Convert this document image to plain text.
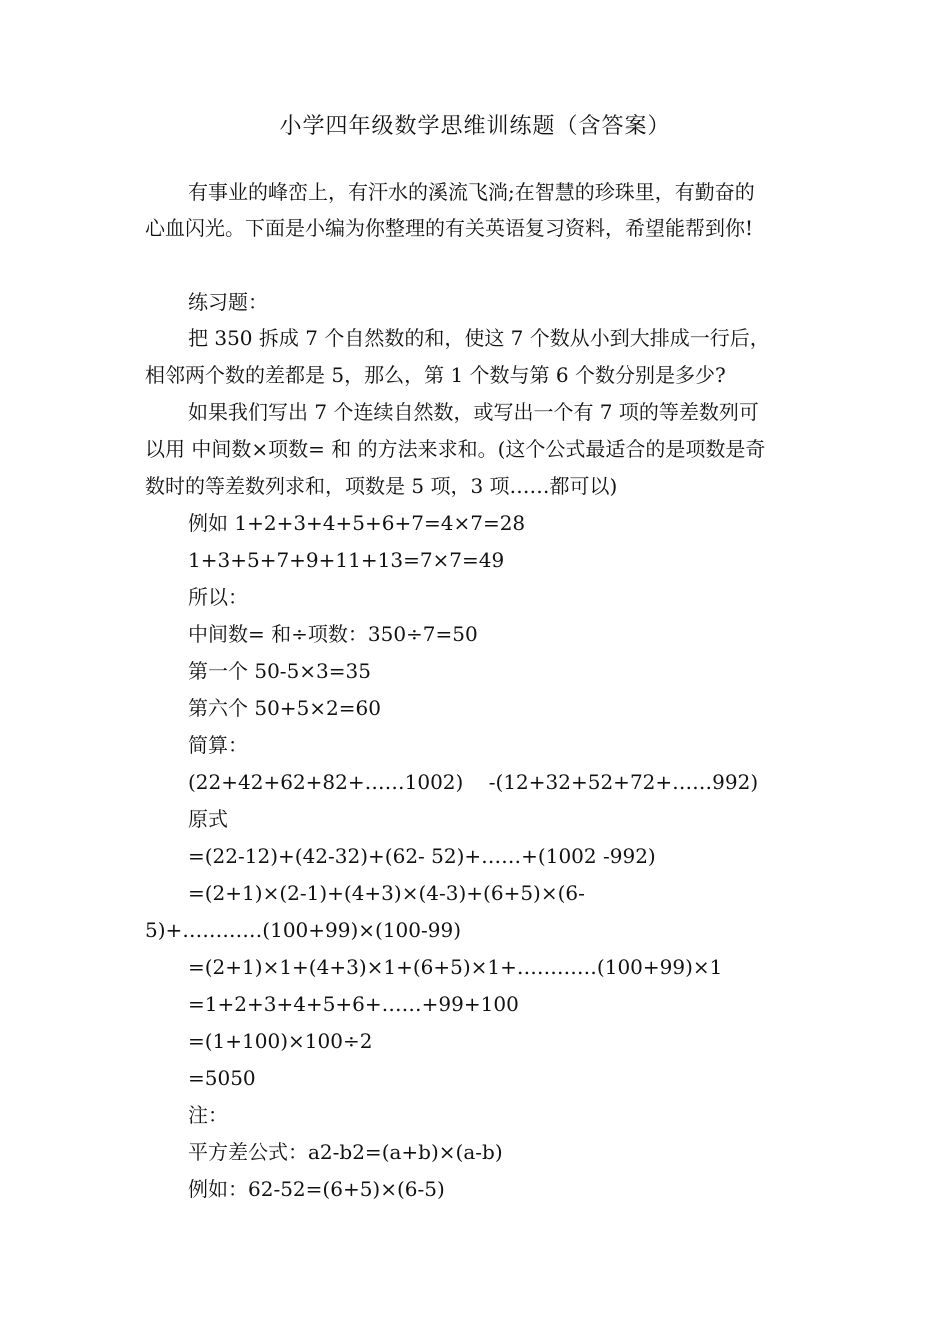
小学四年级数学思维训练题（含答案）
有事业的峰峦上，有汗水的溪流飞淌;在智慧的珍珠里，有勤奋的
心血闪光。下面是小编为你整理的有关英语复习资料，希望能帮到你!
练习题：
把 350 拆成 7 个自然数的和，使这 7 个数从小到大排成一行后，
相邻两个数的差都是 5，那么，第 1 个数与第 6 个数分别是多少?
如果我们写出 7 个连续自然数，或写出一个有 7 项的等差数列可
以用 中间数×项数= 和 的方法来求和。(这个公式最适合的是项数是奇
数时的等差数列求和，项数是 5 项，3 项……都可以)
例如 1+2+3+4+5+6+7=4×7=28
1+3+5+7+9+11+13=7×7=49
所以：
中间数= 和÷项数：350÷7=50
第一个 50-5×3=35
第六个 50+5×2=60
简算：
(22+42+62+82+……1002)    -(12+32+52+72+……992)
原式
=(22-12)+(42-32)+(62- 52)+……+(1002 -992)
=(2+1)×(2-1)+(4+3)×(4-3)+(6+5)×(6-
5)+…………(100+99)×(100-99)
=(2+1)×1+(4+3)×1+(6+5)×1+…………(100+99)×1
=1+2+3+4+5+6+……+99+100
=(1+100)×100÷2
=5050
注：
平方差公式：a2-b2=(a+b)×(a-b)
例如：62-52=(6+5)×(6-5)
